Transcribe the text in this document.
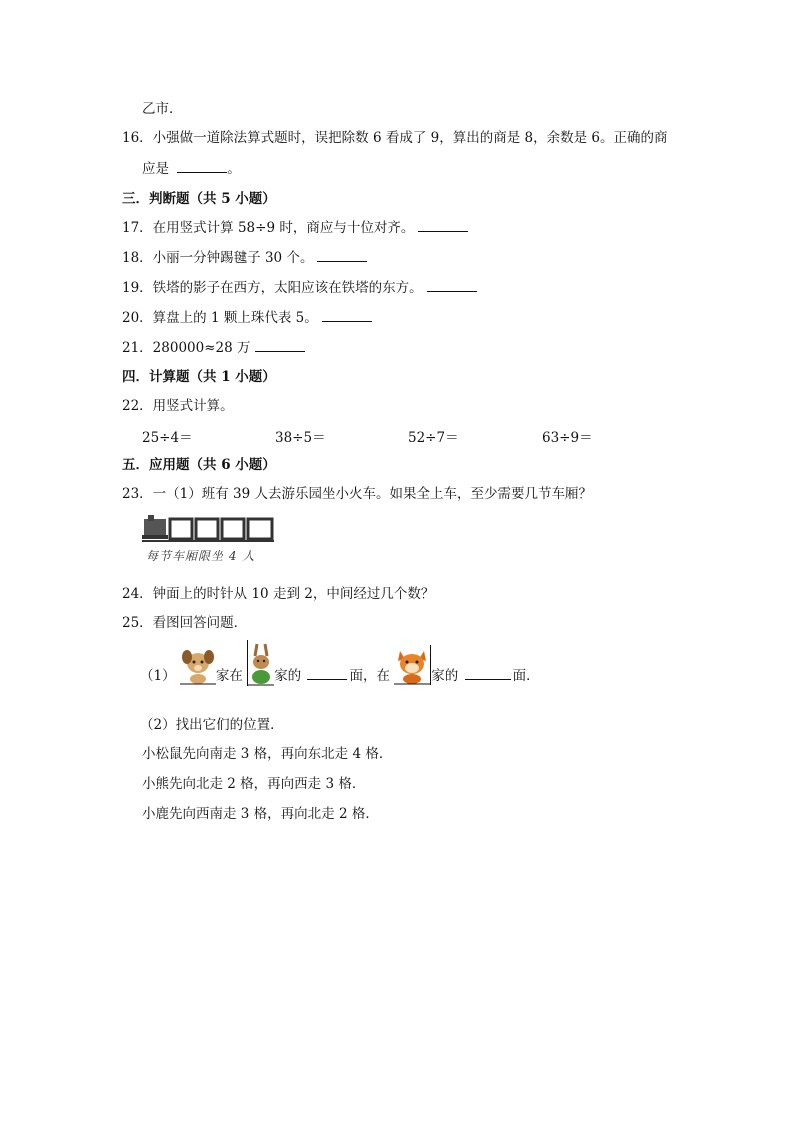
乙市．
16．小强做一道除法算式题时，误把除数 6 看成了 9，算出的商是 8，余数是 6。正确的商
应是	。
三．判断题（共 5 小题）
17．在用竖式计算 58÷9 时，商应与十位对齐。
18．小丽一分钟踢毽子 30 个。
19．铁塔的影子在西方，太阳应该在铁塔的东方。
20．算盘上的 1 颗上珠代表 5。
21．280000≈28 万
四．计算题（共 1 小题）
22．用竖式计算。
25÷4＝	38÷5＝	52÷7＝	63÷9＝
五．应用题（共 6 小题）
23．一（1）班有 39 人去游乐园坐小火车。如果全上车，至少需要几节车厢？
每节车厢限坐 4 人
24．钟面上的时针从 10 走到 2，中间经过几个数？
25．看图回答问题．
（1）	家在 家的	面，在	家的	面．
（2）找出它们的位置．
小松鼠先向南走 3 格，再向东北走 4 格．
小熊先向北走 2 格，再向西走 3 格．
小鹿先向西南走 3 格，再向北走 2 格．
